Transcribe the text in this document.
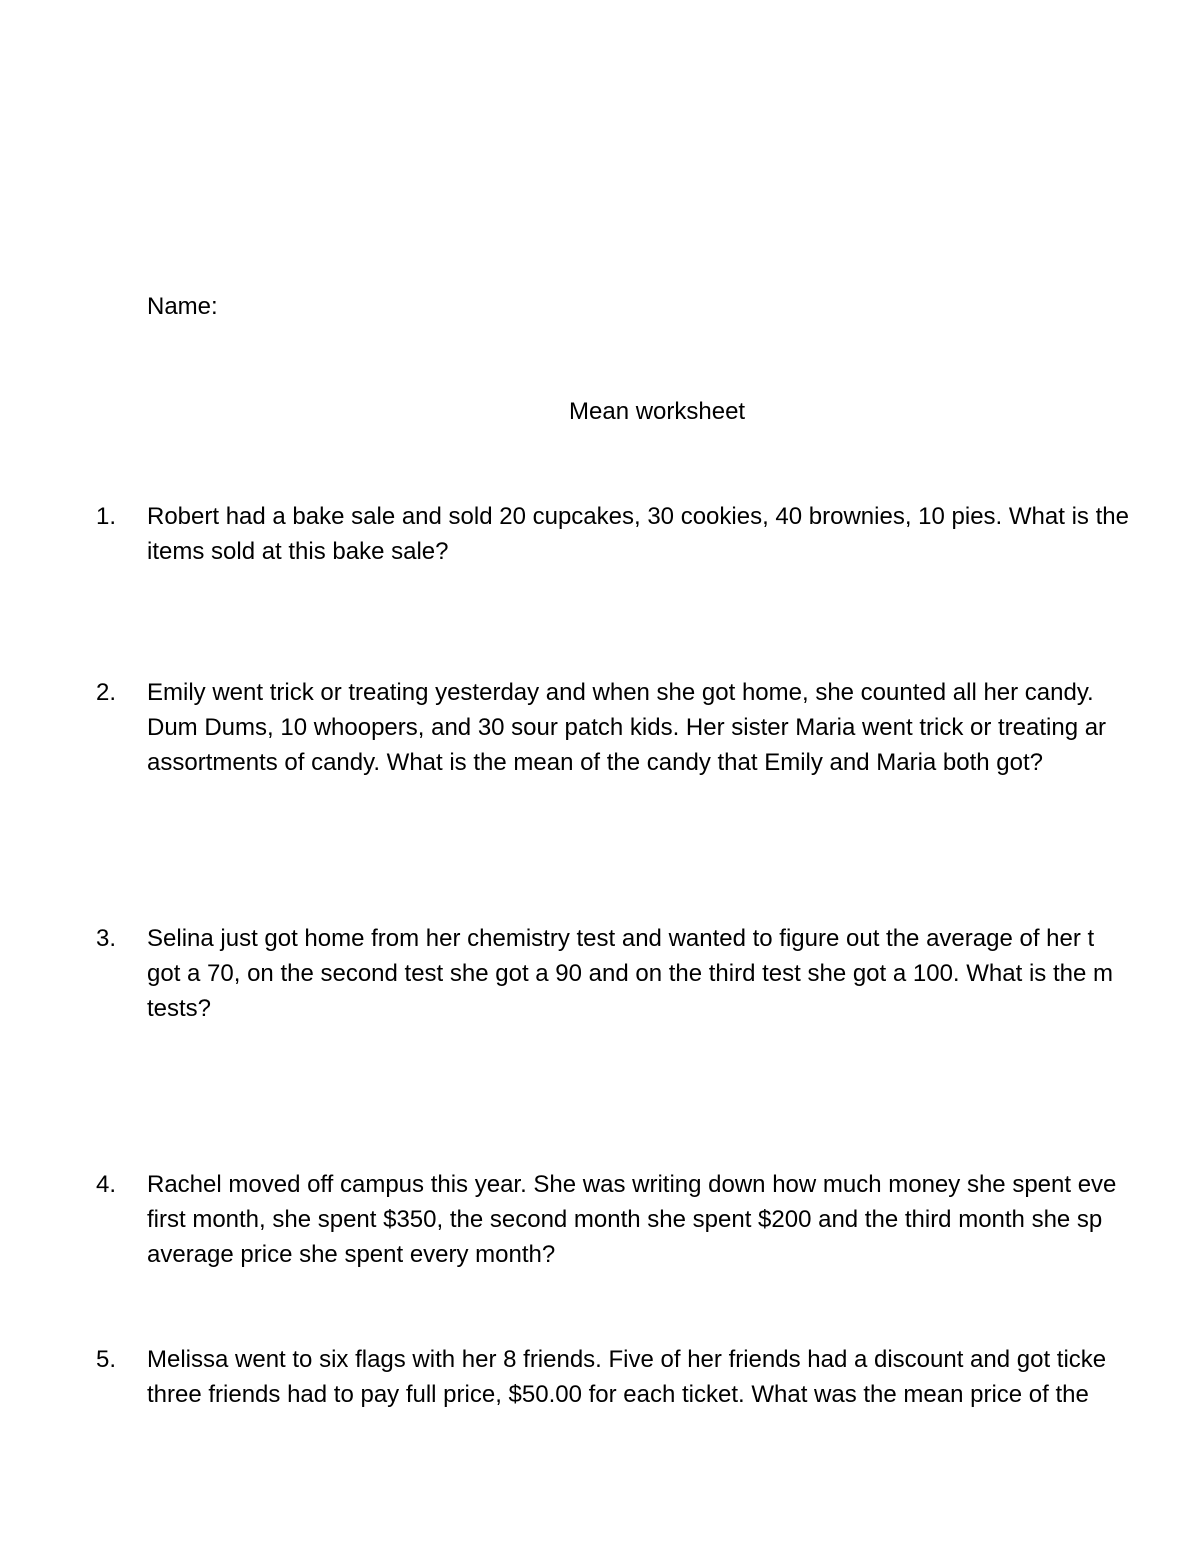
Name:
Mean worksheet
1. Robert had a bake sale and sold 20 cupcakes, 30 cookies, 40 brownies, 10 pies. What is the
items sold at this bake sale?
2. Emily went trick or treating yesterday and when she got home, she counted all her candy.
Dum Dums, 10 whoopers, and 30 sour patch kids. Her sister Maria went trick or treating ar
assortments of candy. What is the mean of the candy that Emily and Maria both got?
3. Selina just got home from her chemistry test and wanted to figure out the average of her t
got a 70, on the second test she got a 90 and on the third test she got a 100. What is the m
tests?
4. Rachel moved off campus this year. She was writing down how much money she spent eve
first month, she spent $350, the second month she spent $200 and the third month she sp
average price she spent every month?
5. Melissa went to six flags with her 8 friends. Five of her friends had a discount and got ticke
three friends had to pay full price, $50.00 for each ticket. What was the mean price of the
